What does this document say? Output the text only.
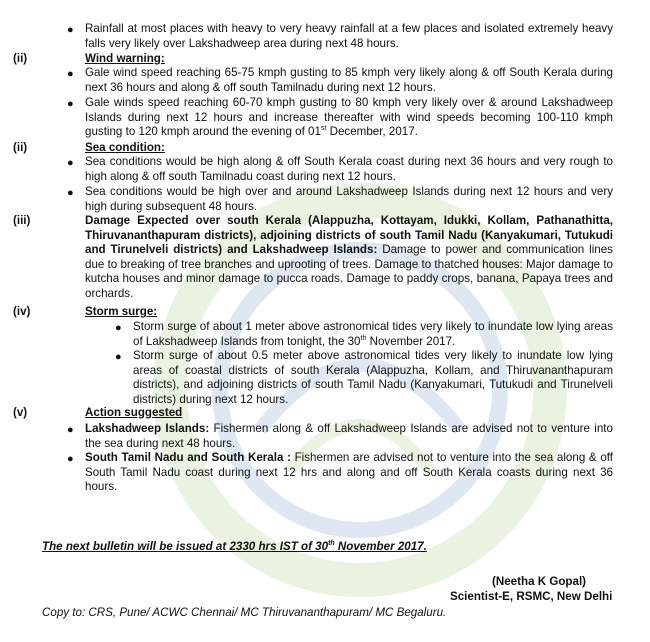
● Rainfall at most places with heavy to very heavy rainfall at a few places and isolated extremely heavy falls very likely over Lakshadweep area during next 48 hours.

(ii)	Wind warning:

● Gale wind speed reaching 65-75 kmph gusting to 85 kmph very likely along & off South Kerala during next 36 hours and along & off south Tamilnadu during next 12 hours.

● Gale winds speed reaching 60-70 kmph gusting to 80 kmph very likely over & around Lakshadweep Islands during next 12 hours and increase thereafter with wind speeds becoming 100-110 kmph gusting to 120 kmph around the evening of 01st December, 2017.

(ii)	Sea condition:

● Sea conditions would be high along & off South Kerala coast during next 36 hours and very rough to high along & off south Tamilnadu coast during next 12 hours.

● Sea conditions would be high over and around Lakshadweep Islands during next 12 hours and very high during subsequent 48 hours.

(iii)	Damage Expected over south Kerala (Alappuzha, Kottayam, Idukki, Kollam, Pathanathitta, Thiruvananthapuram districts), adjoining districts of south Tamil Nadu (Kanyakumari, Tutukudi and Tirunelveli districts) and Lakshadweep Islands: Damage to power and communication lines due to breaking of tree branches and uprooting of trees. Damage to thatched houses: Major damage to kutcha houses and minor damage to pucca roads. Damage to paddy crops, banana, Papaya trees and orchards.

(iv)	Storm surge:

● Storm surge of about 1 meter above astronomical tides very likely to inundate low lying areas of Lakshadweep Islands from tonight, the 30th November 2017.

● Storm surge of about 0.5 meter above astronomical tides very likely to inundate low lying areas of coastal districts of south Kerala (Alappuzha, Kollam, and Thiruvananthapuram districts), and adjoining districts of south Tamil Nadu (Kanyakumari, Tutukudi and Tirunelveli districts) during next 12 hours.

(v)	Action suggested

● Lakshadweep Islands: Fishermen along & off Lakshadweep Islands are advised not to venture into the sea during next 48 hours.

● South Tamil Nadu and South Kerala : Fishermen are advised not to venture into the sea along & off South Tamil Nadu coast during next 12 hrs and along and off South Kerala coasts during next 36 hours.

The next bulletin will be issued at 2330 hrs IST of 30th November 2017.

(Neetha K Gopal)

Scientist-E, RSMC, New Delhi

Copy to: CRS, Pune/ ACWC Chennai/ MC Thiruvananthapuram/ MC Begaluru.
